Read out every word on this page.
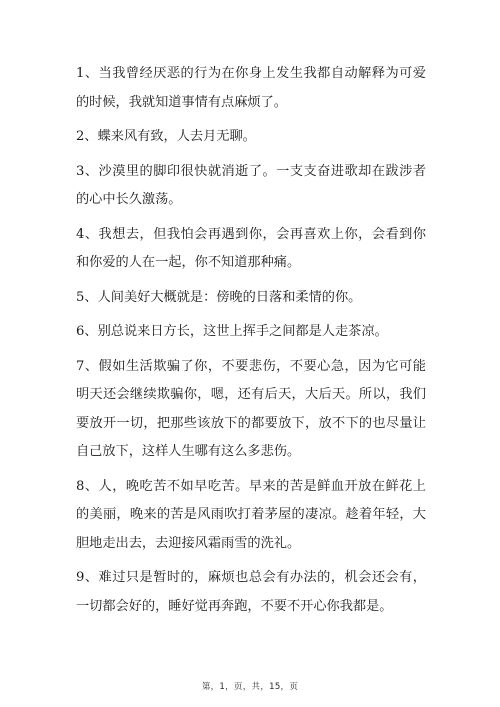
1、当我曾经厌恶的行为在你身上发生我都自动解释为可爱的时候，我就知道事情有点麻烦了。
2、蝶来风有致，人去月无聊。
3、沙漠里的脚印很快就消逝了。一支支奋进歌却在跋涉者的心中长久激荡。
4、我想去，但我怕会再遇到你，会再喜欢上你，会看到你和你爱的人在一起，你不知道那种痛。
5、人间美好大概就是：傍晚的日落和柔情的你。
6、别总说来日方长，这世上挥手之间都是人走茶凉。
7、假如生活欺骗了你，不要悲伤，不要心急，因为它可能明天还会继续欺骗你，嗯，还有后天，大后天。所以，我们要放开一切，把那些该放下的都要放下，放不下的也尽量让自己放下，这样人生哪有这么多悲伤。
8、人，晚吃苦不如早吃苦。早来的苦是鲜血开放在鲜花上的美丽，晚来的苦是风雨吹打着茅屋的凄凉。趁着年轻，大胆地走出去，去迎接风霜雨雪的洗礼。
9、难过只是暂时的，麻烦也总会有办法的，机会还会有，一切都会好的，睡好觉再奔跑，不要不开心你我都是。
第，1，页，共，15，页
